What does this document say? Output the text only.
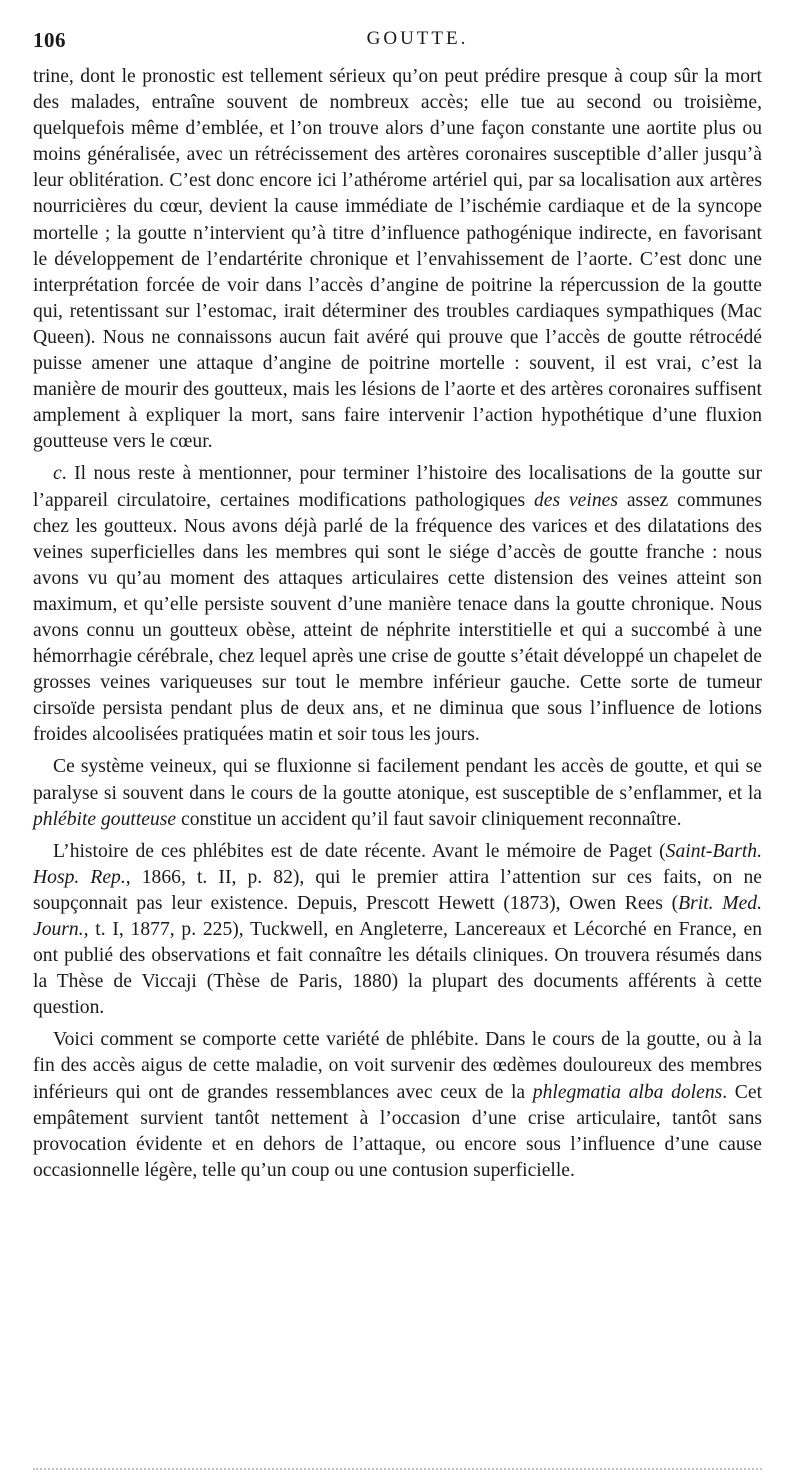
106	GOUTTE.

trine, dont le pronostic est tellement sérieux qu’on peut prédire presque à coup sûr la mort des malades, entraîne souvent de nombreux accès; elle tue au second ou troisième, quelquefois même d’emblée, et l’on trouve alors d’une façon constante une aortite plus ou moins généralisée, avec un rétrécissement des artères coronaires susceptible d’aller jusqu’à leur oblitération. C’est donc encore ici l’athérome artériel qui, par sa localisation aux artères nourricières du cœur, devient la cause immédiate de l’ischémie cardiaque et de la syncope mortelle ; la goutte n’intervient qu’à titre d’influence pathogénique indirecte, en favorisant le développement de l’endartérite chronique et l’envahissement de l’aorte. C’est donc une interprétation forcée de voir dans l’accès d’angine de poitrine la répercussion de la goutte qui, retentissant sur l’estomac, irait déterminer des troubles cardiaques sympathiques (Mac Queen). Nous ne connaissons aucun fait avéré qui prouve que l’accès de goutte rétrocédé puisse amener une attaque d’angine de poitrine mortelle : souvent, il est vrai, c’est la manière de mourir des goutteux, mais les lésions de l’aorte et des artères coronaires suffisent amplement à expliquer la mort, sans faire intervenir l’action hypothétique d’une fluxion goutteuse vers le cœur.

c. Il nous reste à mentionner, pour terminer l’histoire des localisations de la goutte sur l’appareil circulatoire, certaines modifications pathologiques des veines assez communes chez les goutteux. Nous avons déjà parlé de la fréquence des varices et des dilatations des veines superficielles dans les membres qui sont le siége d’accès de goutte franche : nous avons vu qu’au moment des attaques articulaires cette distension des veines atteint son maximum, et qu’elle persiste souvent d’une manière tenace dans la goutte chronique. Nous avons connu un goutteux obèse, atteint de néphrite interstitielle et qui a succombé à une hémorrhagie cérébrale, chez lequel après une crise de goutte s’était développé un chapelet de grosses veines variqueuses sur tout le membre inférieur gauche. Cette sorte de tumeur cirsoïde persista pendant plus de deux ans, et ne diminua que sous l’influence de lotions froides alcoolisées pratiquées matin et soir tous les jours.

Ce système veineux, qui se fluxionne si facilement pendant les accès de goutte, et qui se paralyse si souvent dans le cours de la goutte atonique, est susceptible de s’enflammer, et la phlébite goutteuse constitue un accident qu’il faut savoir cliniquement reconnaître.

L’histoire de ces phlébites est de date récente. Avant le mémoire de Paget (Saint-Barth. Hosp. Rep., 1866, t. II, p. 82), qui le premier attira l’attention sur ces faits, on ne soupçonnait pas leur existence. Depuis, Prescott Hewett (1873), Owen Rees (Brit. Med. Journ., t. I, 1877, p. 225), Tuckwell, en Angleterre, Lancereaux et Lécorché en France, en ont publié des observations et fait connaître les détails cliniques. On trouvera résumés dans la Thèse de Viccaji (Thèse de Paris, 1880) la plupart des documents afférents à cette question.

Voici comment se comporte cette variété de phlébite. Dans le cours de la goutte, ou à la fin des accès aigus de cette maladie, on voit survenir des œdèmes douloureux des membres inférieurs qui ont de grandes ressemblances avec ceux de la phlegmatia alba dolens. Cet empâtement survient tantôt nettement à l’occasion d’une crise articulaire, tantôt sans provocation évidente et en dehors de l’attaque, ou encore sous l’influence d’une cause occasionnelle légère, telle qu’un coup ou une contusion superficielle.
